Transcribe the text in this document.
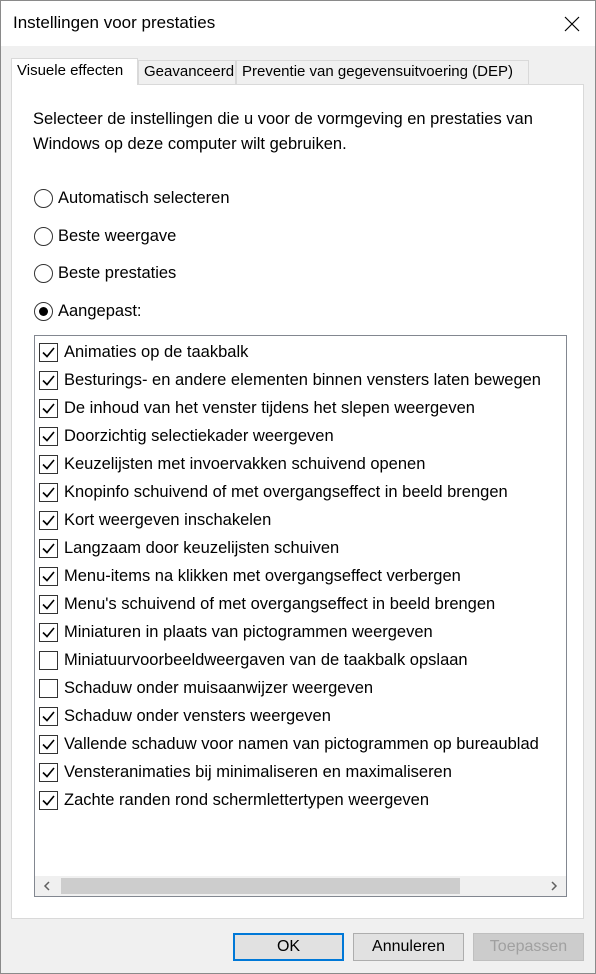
Instellingen voor prestaties
Visuele effecten	Geavanceerd Preventie van gegevensuitvoering (DEP)
Selecteer de instellingen die u voor de vormgeving en prestaties van Windows op deze computer wilt gebruiken.
Automatisch selecteren
Beste weergave
Beste prestaties
Aangepast:
Animaties op de taakbalk
Besturings- en andere elementen binnen vensters laten bewegen
De inhoud van het venster tijdens het slepen weergeven
Doorzichtig selectiekader weergeven
Keuzelijsten met invoervakken schuivend openen
Knopinfo schuivend of met overgangseffect in beeld brengen
Kort weergeven inschakelen
Langzaam door keuzelijsten schuiven
Menu-items na klikken met overgangseffect verbergen
Menu's schuivend of met overgangseffect in beeld brengen
Miniaturen in plaats van pictogrammen weergeven
Miniatuurvoorbeeldweergaven van de taakbalk opslaan
Schaduw onder muisaanwijzer weergeven
Schaduw onder vensters weergeven
Vallende schaduw voor namen van pictogrammen op bureaublad
Vensteranimaties bij minimaliseren en maximaliseren
Zachte randen rond schermlettertypen weergeven
OK	Annuleren	Toepassen
